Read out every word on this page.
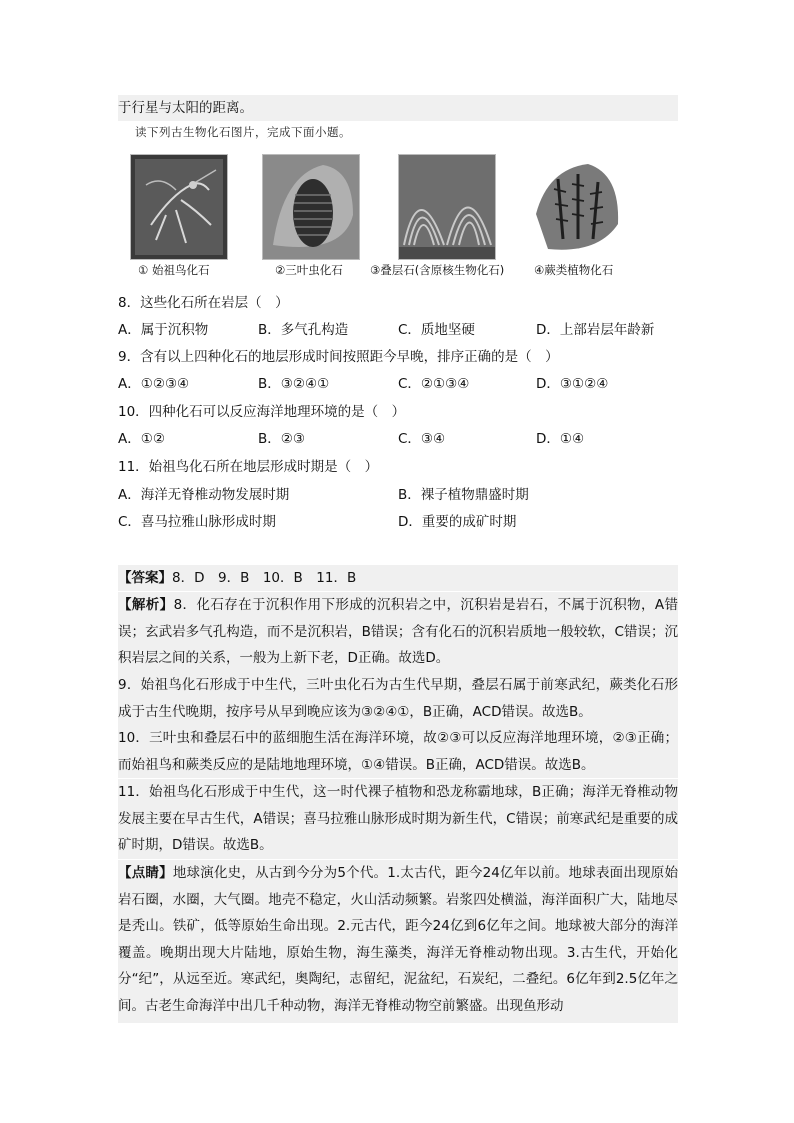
于行星与太阳的距离。
读下列古生物化石图片，完成下面小题。
① 始祖鸟化石	②三叶虫化石 ③叠层石(含原核生物化石)	④蕨类植物化石
8．这些化石所在岩层（　）
A．属于沉积物	B．多气孔构造	C．质地坚硬	D．上部岩层年龄新
9．含有以上四种化石的地层形成时间按照距今早晚，排序正确的是（　）
A．①②③④	B．③②④①	C．②①③④	D．③①②④
10．四种化石可以反应海洋地理环境的是（　）
A．①②	B．②③	C．③④	D．①④
11．始祖鸟化石所在地层形成时期是（　）
A．海洋无脊椎动物发展时期	B．裸子植物鼎盛时期
C．喜马拉雅山脉形成时期	D．重要的成矿时期
【答案】8．D　9．B　10．B　11．B
【解析】8．化石存在于沉积作用下形成的沉积岩之中，沉积岩是岩石，不属于沉积物，A错误；玄武岩多气孔构造，而不是沉积岩，B错误；含有化石的沉积岩质地一般较软，C错误；沉积岩层之间的关系，一般为上新下老，D正确。故选D。
9．始祖鸟化石形成于中生代，三叶虫化石为古生代早期，叠层石属于前寒武纪，蕨类化石形成于古生代晚期，按序号从早到晚应该为③②④①，B正确，ACD错误。故选B。
10．三叶虫和叠层石中的蓝细胞生活在海洋环境，故②③可以反应海洋地理环境，②③正确；而始祖鸟和蕨类反应的是陆地地理环境，①④错误。B正确，ACD错误。故选B。
11．始祖鸟化石形成于中生代，这一时代裸子植物和恐龙称霸地球，B正确；海洋无脊椎动物发展主要在早古生代，A错误；喜马拉雅山脉形成时期为新生代，C错误；前寒武纪是重要的成矿时期，D错误。故选B。
【点睛】地球演化史，从古到今分为5个代。1.太古代，距今24亿年以前。地球表面出现原始岩石圈，水圈，大气圈。地壳不稳定，火山活动频繁。岩浆四处横溢，海洋面积广大，陆地尽是秃山。铁矿，低等原始生命出现。2.元古代，距今24亿到6亿年之间。地球被大部分的海洋覆盖。晚期出现大片陆地，原始生物，海生藻类，海洋无脊椎动物出现。3.古生代，开始化分“纪”，从远至近。寒武纪，奥陶纪，志留纪，泥盆纪，石炭纪，二叠纪。6亿年到2.5亿年之间。古老生命海洋中出几千种动物，海洋无脊椎动物空前繁盛。出现鱼形动
